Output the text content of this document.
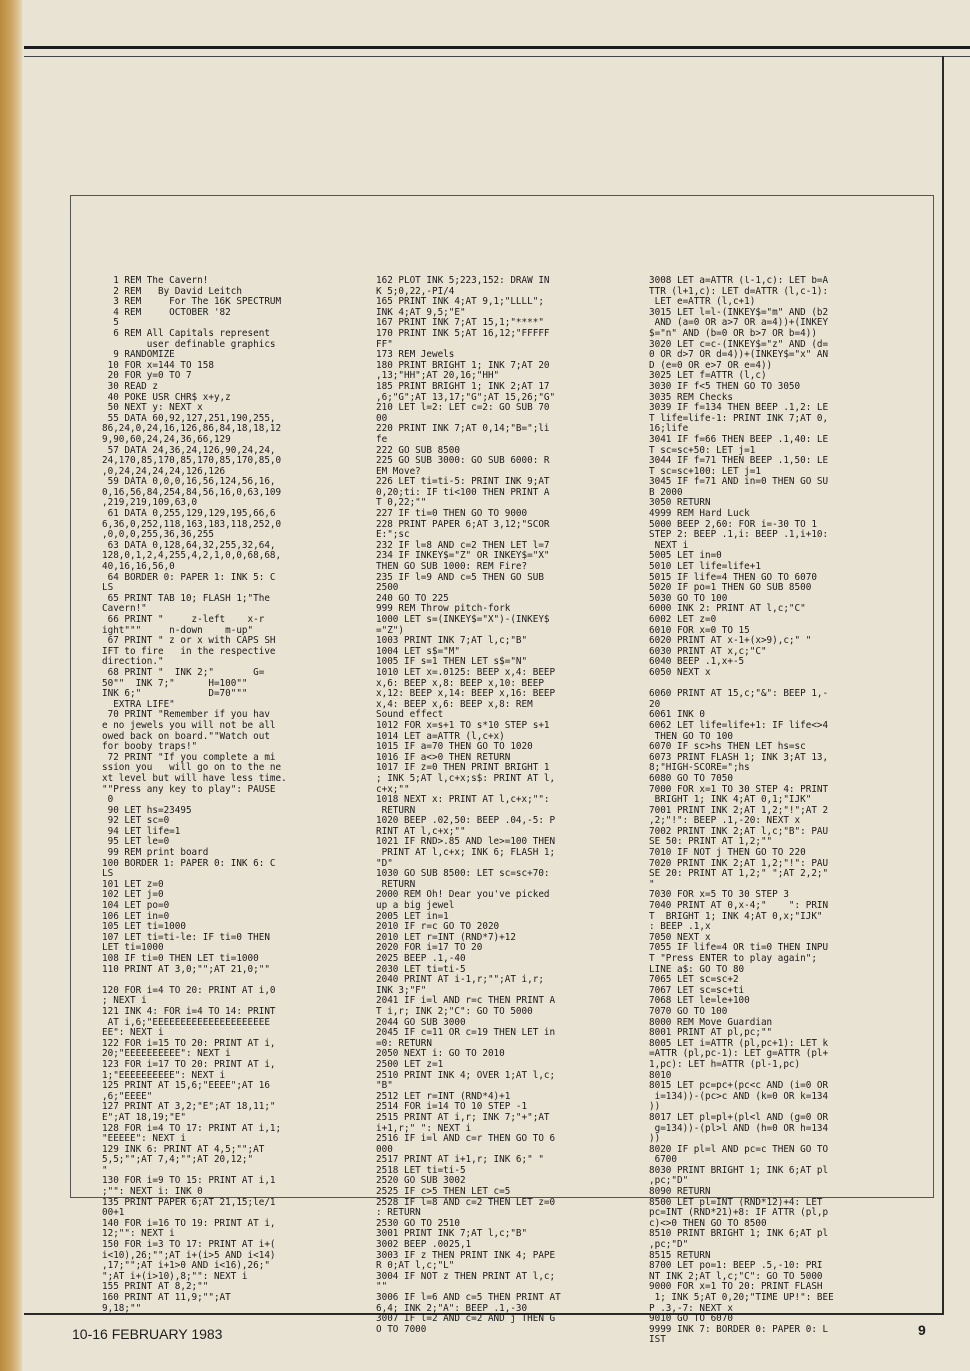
1 REM The Cavern!
2 REM   By David Leitch
3 REM     For The 16K SPECTRUM
4 REM     OCTOBER '82
5
6 REM All Capitals represent
user definable graphics
9 RANDOMIZE
10 FOR x=144 TO 158
20 FOR y=0 TO 7
30 READ z
40 POKE USR CHR$ x+y,z
50 NEXT y: NEXT x
55 DATA 60,92,127,251,190,255,
86,24,0,24,16,126,86,84,18,18,12
9,90,60,24,24,36,66,129
57 DATA 24,36,24,126,90,24,24,
24,170,85,170,85,170,85,170,85,0
,0,24,24,24,24,126,126
59 DATA 0,0,0,16,56,124,56,16,
0,16,56,84,254,84,56,16,0,63,109
,219,219,109,63,0
61 DATA 0,255,129,129,195,66,6
6,36,0,252,118,163,183,118,252,0
,0,0,0,255,36,36,255
63 DATA 0,128,64,32,255,32,64,
128,0,1,2,4,255,4,2,1,0,0,68,68,
40,16,16,56,0
64 BORDER 0: PAPER 1: INK 5: C
LS
65 PRINT TAB 10; FLASH 1;"The
Cavern!"
66 PRINT "     z-left    x-r
ight"""     n-down    m-up"
67 PRINT " z or x with CAPS SH
IFT to fire   in the respective
direction."
68 PRINT "  INK 2;"       G=
50""  INK 7;"      H=100""
INK 6;"            D=70"""
EXTRA LIFE"
70 PRINT "Remember if you hav
e no jewels you will not be all
owed back on board.""Watch out
for booby traps!"
72 PRINT "If you complete a mi
ssion you   will go on to the ne
xt level but will have less time.
""Press any key to play": PAUSE
0
90 LET hs=23495
92 LET sc=0
94 LET life=1
95 LET le=0
99 REM print board
100 BORDER 1: PAPER 0: INK 6: C
LS
101 LET z=0
102 LET j=0
104 LET po=0
106 LET in=0
105 LET ti=1000
107 LET ti=ti-le: IF ti=0 THEN
LET ti=1000
108 IF ti=0 THEN LET ti=1000
110 PRINT AT 3,0;"";AT 21,0;""
120 FOR i=4 TO 20: PRINT AT i,0
; NEXT i
121 INK 4: FOR i=4 TO 14: PRINT
AT i,6;"EEEEEEEEEEEEEEEEEEEEE
EE": NEXT i
122 FOR i=15 TO 20: PRINT AT i,
20;"EEEEEEEEEE": NEXT i
123 FOR i=17 TO 20: PRINT AT i,
1;"EEEEEEEEEE": NEXT i
125 PRINT AT 15,6;"EEEE";AT 16
,6;"EEEE"
127 PRINT AT 3,2;"E";AT 18,11;"
E";AT 18,19;"E"
128 FOR i=4 TO 17: PRINT AT i,1;
"EEEEE": NEXT i
129 INK 6: PRINT AT 4,5;"";AT
5,5;"";AT 7,4;"";AT 20,12;"
"
130 FOR i=9 TO 15: PRINT AT i,1
;"": NEXT i: INK 0
135 PRINT PAPER 6;AT 21,15;le/1
00+1
140 FOR i=16 TO 19: PRINT AT i,
12;"": NEXT i
150 FOR i=3 TO 17: PRINT AT i+(
i<10),26;"";AT i+(i>5 AND i<14)
,17;"";AT i+1>0 AND i<16),26;"
";AT i+(i>10),8;"": NEXT i
155 PRINT AT 8,2;""
160 PRINT AT 11,9;"";AT
9,18;""
162 PLOT INK 5;223,152: DRAW IN
K 5;0,22,-PI/4
165 PRINT INK 4;AT 9,1;"LLLL";
INK 4;AT 9,5;"E"
167 PRINT INK 7;AT 15,1;"****"
170 PRINT INK 5;AT 16,12;"FFFFF
FF"
173 REM Jewels
180 PRINT BRIGHT 1; INK 7;AT 20
,13;"HH";AT 20,16;"HH"
185 PRINT BRIGHT 1; INK 2;AT 17
,6;"G";AT 13,17;"G";AT 15,26;"G"
210 LET l=2: LET c=2: GO SUB 70
00
220 PRINT INK 7;AT 0,14;"B=";li
fe
222 GO SUB 8500
225 GO SUB 3000: GO SUB 6000: R
EM Move?
226 LET ti=ti-5: PRINT INK 9;AT
0,20;ti: IF ti<100 THEN PRINT A
T 0,22;""
227 IF ti=0 THEN GO TO 9000
228 PRINT PAPER 6;AT 3,12;"SCOR
E:";sc
232 IF l=8 AND c=2 THEN LET l=7
234 IF INKEY$="Z" OR INKEY$="X"
THEN GO SUB 1000: REM Fire?
235 IF l=9 AND c=5 THEN GO SUB
2500
240 GO TO 225
999 REM Throw pitch-fork
1000 LET s=(INKEY$="X")-(INKEY$
="Z")
1003 PRINT INK 7;AT l,c;"B"
1004 LET s$="M"
1005 IF s=1 THEN LET s$="N"
1010 LET x=.0125: BEEP x,4: BEEP
x,6: BEEP x,8: BEEP x,10: BEEP
x,12: BEEP x,14: BEEP x,16: BEEP
x,4: BEEP x,6: BEEP x,8: REM
Sound effect
1012 FOR x=s+1 TO s*10 STEP s+1
1014 LET a=ATTR (l,c+x)
1015 IF a=70 THEN GO TO 1020
1016 IF a<>0 THEN RETURN
1017 IF z=0 THEN PRINT BRIGHT 1
; INK 5;AT l,c+x;s$: PRINT AT l,
c+x;""
1018 NEXT x: PRINT AT l,c+x;"":
RETURN
1020 BEEP .02,50: BEEP .04,-5: P
RINT AT l,c+x;""
1021 IF RND>.85 AND le>=100 THEN
PRINT AT l,c+x; INK 6; FLASH 1;
"D"
1030 GO SUB 8500: LET sc=sc+70:
RETURN
2000 REM Oh! Dear you've picked
up a big jewel
2005 LET in=1
2010 IF r=c GO TO 2020
2010 LET r=INT (RND*7)+12
2020 FOR i=17 TO 20
2025 BEEP .1,-40
2030 LET ti=ti-5
2040 PRINT AT i-1,r;"";AT i,r;
INK 3;"F"
2041 IF i=l AND r=c THEN PRINT A
T i,r; INK 2;"C": GO TO 5000
2044 GO SUB 3000
2045 IF c=11 OR c=19 THEN LET in
=0: RETURN
2050 NEXT i: GO TO 2010
2500 LET z=1
2510 PRINT INK 4; OVER 1;AT l,c;
"B"
2512 LET r=INT (RND*4)+1
2514 FOR i=14 TO 10 STEP -1
2515 PRINT AT i,r; INK 7;"+";AT
i+1,r;" ": NEXT i
2516 IF i=l AND c=r THEN GO TO 6
000
2517 PRINT AT i+1,r; INK 6;" "
2518 LET ti=ti-5
2520 GO SUB 3002
2525 IF c>5 THEN LET c=5
2528 IF l=8 AND c=2 THEN LET z=0
: RETURN
2530 GO TO 2510
3001 PRINT INK 7;AT l,c;"B"
3002 BEEP .0025,1
3003 IF z THEN PRINT INK 4; PAPE
R 0;AT l,c;"L"
3004 IF NOT z THEN PRINT AT l,c;
""
3006 IF l=6 AND c=5 THEN PRINT AT
6,4; INK 2;"A": BEEP .1,-30
3007 IF l=2 AND c=2 AND j THEN G
O TO 7000
3008 LET a=ATTR (l-1,c): LET b=A
TTR (l+1,c): LET d=ATTR (l,c-1):
LET e=ATTR (l,c+1)
3015 LET l=l-(INKEY$="m" AND (b2
AND (a=0 OR a>7 OR a=4))+(INKEY
$="n" AND (b=0 OR b>7 OR b=4))
3020 LET c=c-(INKEY$="z" AND (d=
0 OR d>7 OR d=4))+(INKEY$="x" AN
D (e=0 OR e>7 OR e=4))
3025 LET f=ATTR (l,c)
3030 IF f<5 THEN GO TO 3050
3035 REM Checks
3039 IF f=134 THEN BEEP .1,2: LE
T life=life-1: PRINT INK 7;AT 0,
16;life
3041 IF f=66 THEN BEEP .1,40: LE
T sc=sc+50: LET j=1
3044 IF f=71 THEN BEEP .1,50: LE
T sc=sc+100: LET j=1
3045 IF f=71 AND in=0 THEN GO SU
B 2000
3050 RETURN
4999 REM Hard Luck
5000 BEEP 2,60: FOR i=-30 TO 1
STEP 2: BEEP .1,i: BEEP .1,i+10:
NEXT i
5005 LET in=0
5010 LET life=life+1
5015 IF life=4 THEN GO TO 6070
5020 IF po=1 THEN GO SUB 8500
5030 GO TO 100
6000 INK 2: PRINT AT l,c;"C"
6002 LET z=0
6010 FOR x=0 TO 15
6020 PRINT AT x-1+(x>9),c;" "
6030 PRINT AT x,c;"C"
6040 BEEP .1,x+-5
6050 NEXT x
6060 PRINT AT 15,c;"&": BEEP 1,-
20
6061 INK 0
6062 LET life=life+1: IF life<>4
THEN GO TO 100
6070 IF sc>hs THEN LET hs=sc
6073 PRINT FLASH 1; INK 3;AT 13,
8;"HIGH-SCORE=";hs
6080 GO TO 7050
7000 FOR x=1 TO 30 STEP 4: PRINT
BRIGHT 1; INK 4;AT 0,1;"IJK"
7001 PRINT INK 2;AT 1,2;"!";AT 2
,2;"!": BEEP .1,-20: NEXT x
7002 PRINT INK 2;AT l,c;"B": PAU
SE 50: PRINT AT 1,2;""
7010 IF NOT j THEN GO TO 220
7020 PRINT INK 2;AT 1,2;"!": PAU
SE 20: PRINT AT 1,2;" ";AT 2,2;"
"
7030 FOR x=5 TO 30 STEP 3
7040 PRINT AT 0,x-4;"    ": PRIN
T  BRIGHT 1; INK 4;AT 0,x;"IJK"
: BEEP .1,x
7050 NEXT x
7055 IF life=4 OR ti=0 THEN INPU
T "Press ENTER to play again";
LINE a$: GO TO 80
7065 LET sc=sc+2
7067 LET sc=sc+ti
7068 LET le=le+100
7070 GO TO 100
8000 REM Move Guardian
8001 PRINT AT pl,pc;""
8005 LET i=ATTR (pl,pc+1): LET k
=ATTR (pl,pc-1): LET g=ATTR (pl+
1,pc): LET h=ATTR (pl-1,pc)
8010
8015 LET pc=pc+(pc<c AND (i=0 OR
i=134))-(pc>c AND (k=0 OR k=134
))
8017 LET pl=pl+(pl<l AND (g=0 OR
g=134))-(pl>l AND (h=0 OR h=134
))
8020 IF pl=l AND pc=c THEN GO TO
6700
8030 PRINT BRIGHT 1; INK 6;AT pl
,pc;"D"
8090 RETURN
8500 LET pl=INT (RND*12)+4: LET
pc=INT (RND*21)+8: IF ATTR (pl,p
c)<>0 THEN GO TO 8500
8510 PRINT BRIGHT 1; INK 6;AT pl
,pc;"D"
8515 RETURN
8700 LET po=1: BEEP .5,-10: PRI
NT INK 2;AT l,c;"C": GO TO 5000
9000 FOR x=1 TO 20: PRINT FLASH
1; INK 5;AT 0,20;"TIME UP!": BEE
P .3,-7: NEXT x
9010 GO TO 6070
9999 INK 7: BORDER 0: PAPER 0: L
IST
10-16 FEBRUARY 1983	9
